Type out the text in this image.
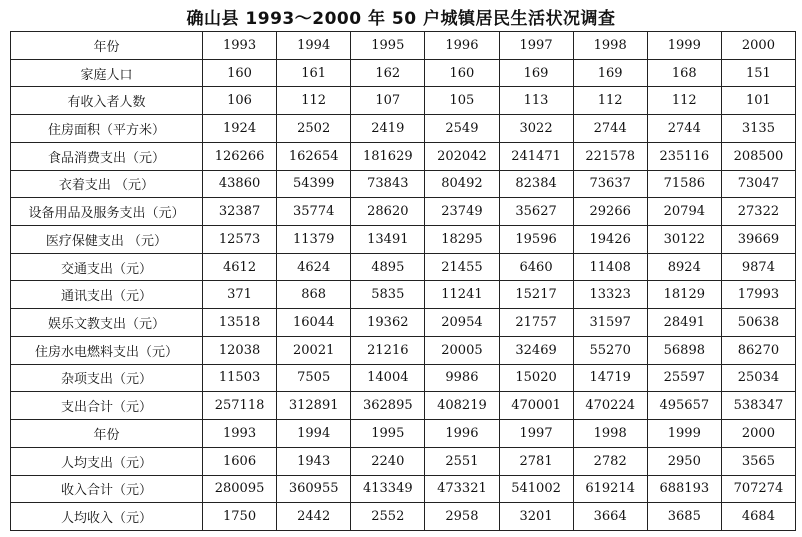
确山县 1993～2000 年 50 户城镇居民生活状况调查
年份	1993	1994	1995	1996	1997	1998	1999	2000
家庭人口	160	161	162	160	169	169	168	151
有收入者人数	106	112	107	105	113	112	112	101
住房面积（平方米）	1924	2502	2419	2549	3022	2744	2744	3135
食品消费支出（元）	126266	162654	181629	202042	241471	221578	235116	208500
衣着支出 （元）	43860	54399	73843	80492	82384	73637	71586	73047
设备用品及服务支出（元）	32387	35774	28620	23749	35627	29266	20794	27322
医疗保健支出 （元）	12573	11379	13491	18295	19596	19426	30122	39669
交通支出（元）	4612	4624	4895	21455	6460	11408	8924	9874
通讯支出（元）	371	868	5835	11241	15217	13323	18129	17993
娱乐文教支出（元）	13518	16044	19362	20954	21757	31597	28491	50638
住房水电燃料支出（元）	12038	20021	21216	20005	32469	55270	56898	86270
杂项支出（元）	11503	7505	14004	9986	15020	14719	25597	25034
支出合计（元）	257118	312891	362895	408219	470001	470224	495657	538347
年份	1993	1994	1995	1996	1997	1998	1999	2000
人均支出（元）	1606	1943	2240	2551	2781	2782	2950	3565
收入合计（元）	280095	360955	413349	473321	541002	619214	688193	707274
人均收入（元）	1750	2442	2552	2958	3201	3664	3685	4684
